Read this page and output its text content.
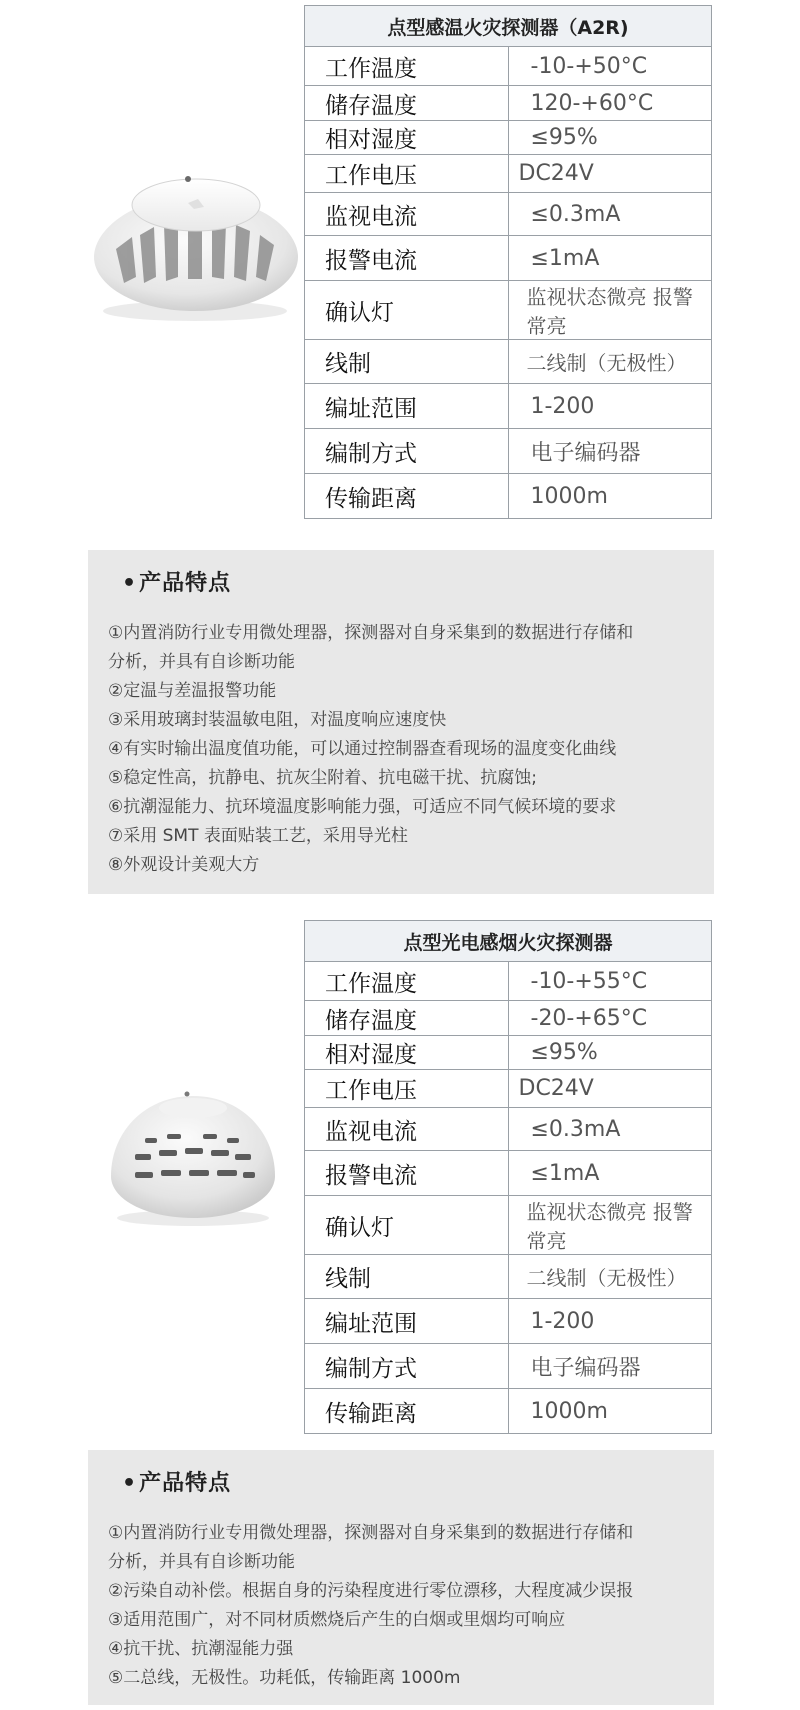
点型感温火灾探测器（A2R)	
工作温度	-10-+50°C
储存温度	120-+60°C
相对湿度	≤95%
工作电压	DC24V
监视电流	≤0.3mA
报警电流	≤1mA
确认灯	监视状态微亮 报警常亮
线制	二线制（无极性）
编址范围	1-200
编制方式	电子编码器
传输距离	1000m
•产品特点
①内置消防行业专用微处理器，探测器对自身采集到的数据进行存储和
分析，并具有自诊断功能
②定温与差温报警功能
③采用玻璃封装温敏电阻，对温度响应速度快
④有实时输出温度值功能，可以通过控制器查看现场的温度变化曲线
⑤稳定性高，抗静电、抗灰尘附着、抗电磁干扰、抗腐蚀;
⑥抗潮湿能力、抗环境温度影响能力强，可适应不同气候环境的要求
⑦采用 SMT 表面贴装工艺，采用导光柱
⑧外观设计美观大方
点型光电感烟火灾探测器	
工作温度	-10-+55°C
储存温度	-20-+65°C
相对湿度	≤95%
工作电压	DC24V
监视电流	≤0.3mA
报警电流	≤1mA
确认灯	监视状态微亮 报警常亮
线制	二线制（无极性）
编址范围	1-200
编制方式	电子编码器
传输距离	1000m
•产品特点
①内置消防行业专用微处理器，探测器对自身采集到的数据进行存储和
分析，并具有自诊断功能
②污染自动补偿。根据自身的污染程度进行零位漂移，大程度减少误报
③适用范围广，对不同材质燃烧后产生的白烟或里烟均可响应
④抗干扰、抗潮湿能力强
⑤二总线，无极性。功耗低，传输距离 1000m
